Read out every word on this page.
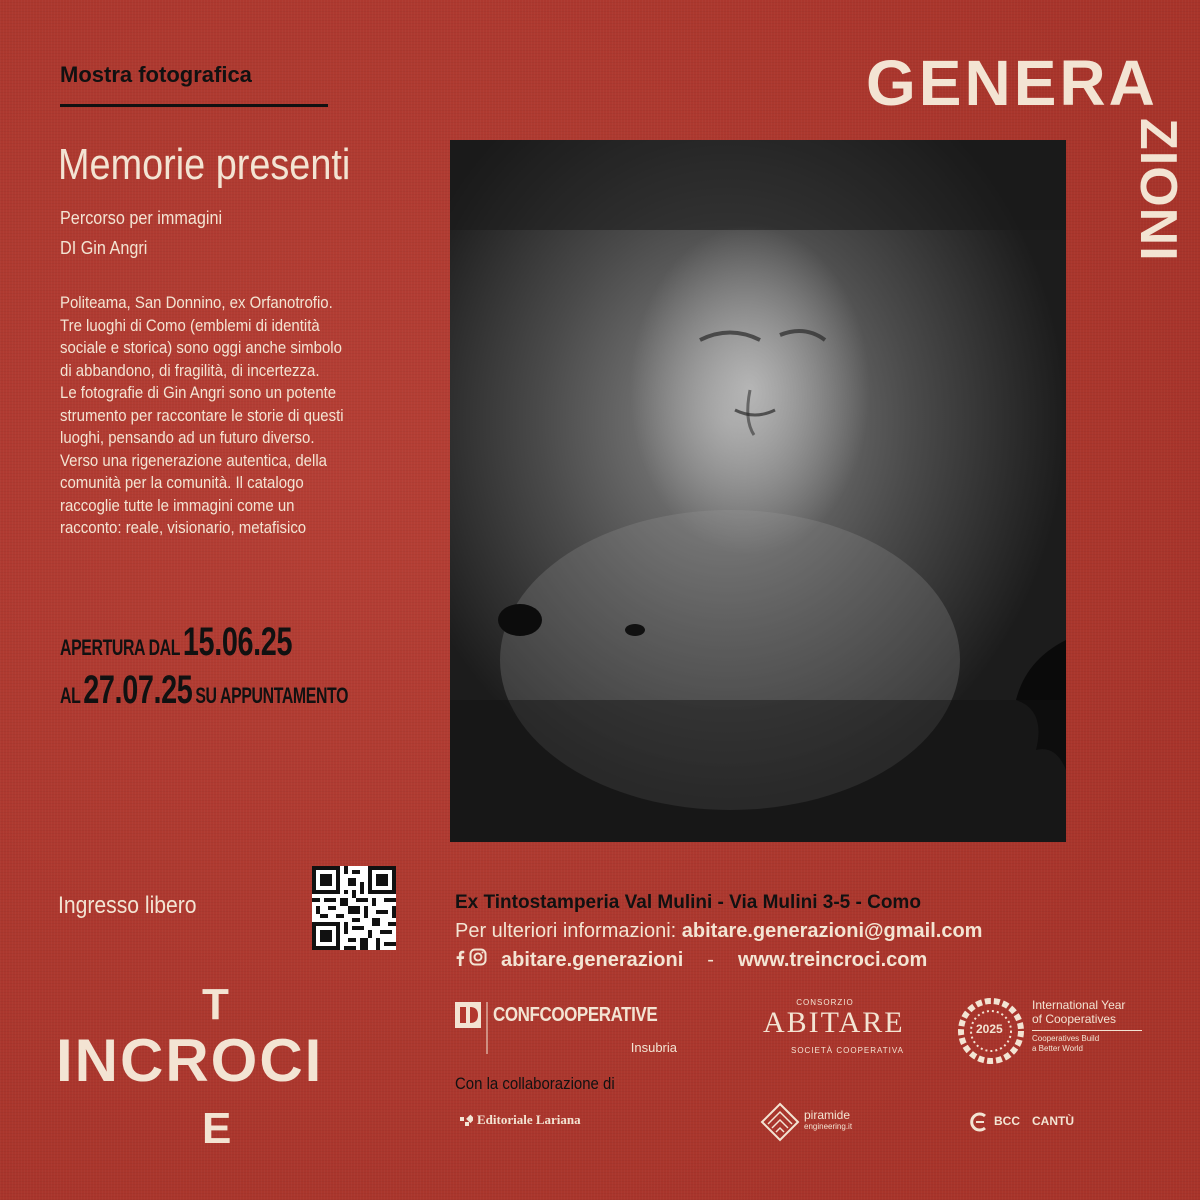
Mostra fotografica
Memorie presenti
Percorso per immagini
DI Gin Angri
Politeama, San Donnino, ex Orfanotrofio.
Tre luoghi di Como (emblemi di identità
sociale e storica) sono oggi anche simbolo
di abbandono, di fragilità, di incertezza.
Le fotografie di Gin Angri sono un potente
strumento per raccontare le storie di questi
luoghi, pensando ad un futuro diverso.
Verso una rigenerazione autentica, della
comunità per la comunità. Il catalogo
raccoglie tutte le immagini come un
racconto: reale, visionario, metafisico
APERTURA DAL 15.06.25
AL 27.07.25 SU APPUNTAMENTO
Ingresso libero
GENERA
ZIONI
Ex Tintostamperia Val Mulini - Via Mulini 3-5 - Como
Per ulteriori informazioni: abitare.generazioni@gmail.com
abitare.generazioni - www.treincroci.com
CONFCOOPERATIVE
Insubria
CONSORZIO
ABITARE
SOCIETÀ COOPERATIVA
2025
International Year
of Cooperatives
Cooperatives Build
a Better World
Con la collaborazione di
Editoriale Lariana	piramide
engineering.it	BCC CANTÙ
T
INCROCI
E
